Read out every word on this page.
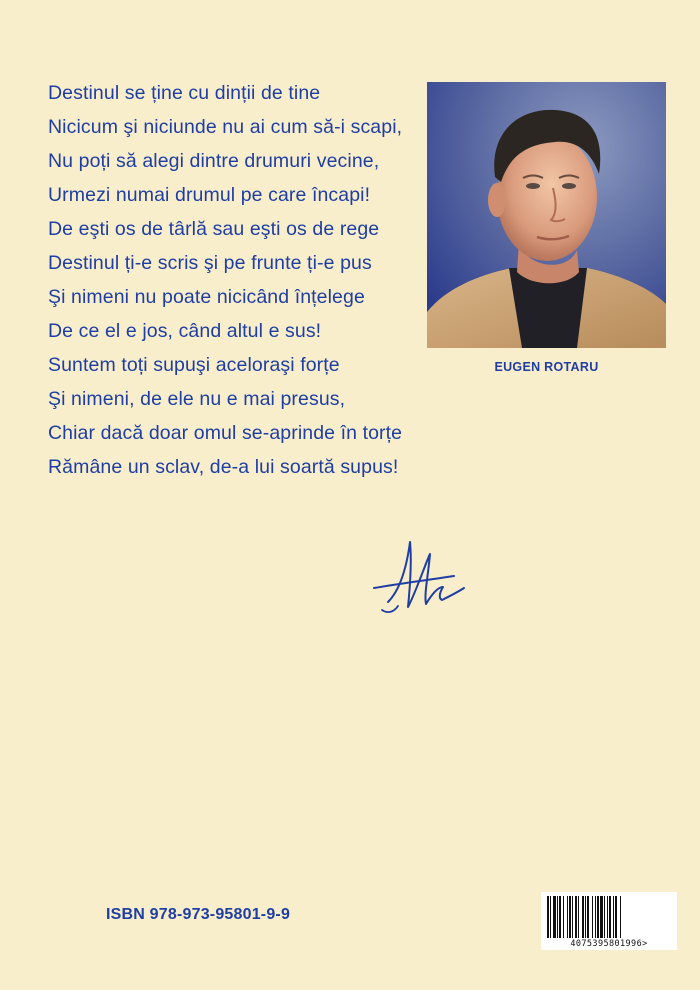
Destinul se ține cu dinții de tine
Nicicum şi niciunde nu ai cum să-i scapi,
Nu poți să alegi dintre drumuri vecine,
Urmezi numai drumul pe care încapi!
De eşti os de târlă sau eşti os de rege
Destinul ți-e scris şi pe frunte ți-e pus
Şi nimeni nu poate nicicând înțelege
De ce el e jos, când altul e sus!
Suntem toți supuşi aceloraşi forțe
Şi nimeni, de ele nu e mai presus,
Chiar dacă doar omul se-aprinde în torțe
Rămâne un sclav, de-a lui soartă supus!
EUGEN ROTARU
ISBN 978-973-95801-9-9
4075395801996>
